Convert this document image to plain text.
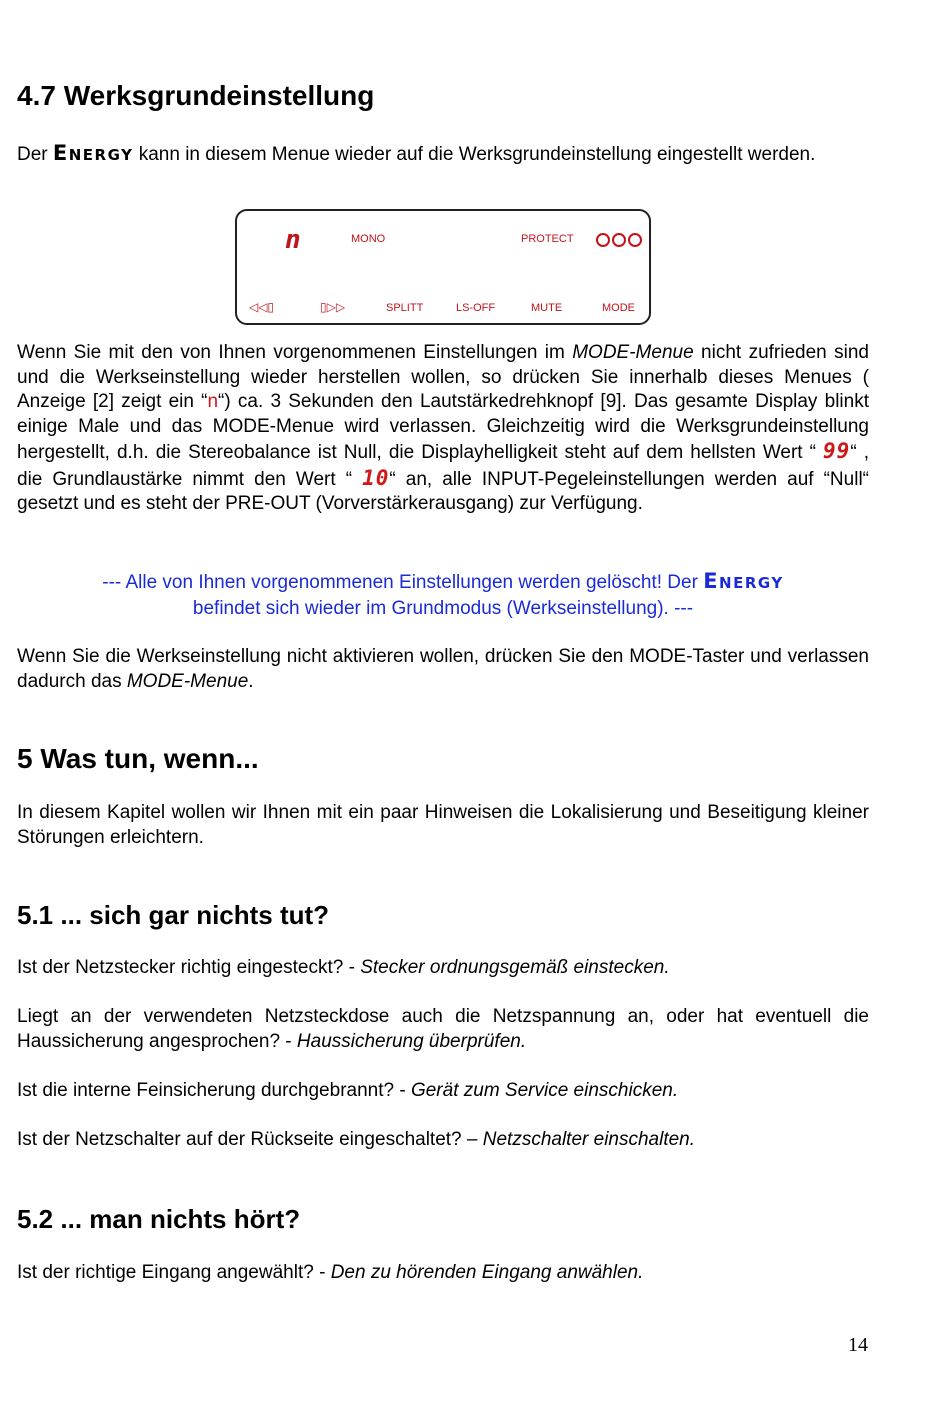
4.7 Werksgrundeinstellung

Der Energy kann in diesem Menue wieder auf die Werksgrundeinstellung eingestellt werden.

n	MONO	PROTECT
◁◁▯	▯▷▷	SPLITT	LS-OFF	MUTE	MODE

Wenn Sie mit den von Ihnen vorgenommenen Einstellungen im MODE-Menue nicht zufrieden sind und die Werkseinstellung wieder herstellen wollen, so drücken Sie innerhalb dieses Menues ( Anzeige [2] zeigt ein “n“) ca. 3 Sekunden den Lautstärkedrehknopf [9]. Das gesamte Display blinkt einige Male und das MODE-Menue wird verlassen. Gleichzeitig wird die Werksgrundeinstellung hergestellt, d.h. die Stereobalance ist Null, die Displayhelligkeit steht auf dem hellsten Wert “ 99“ , die Grundlaustärke nimmt den Wert “ 10“ an, alle INPUT-Pegeleinstellungen werden auf “Null“ gesetzt und es steht der PRE-OUT (Vorverstärkerausgang) zur Verfügung.

--- Alle von Ihnen vorgenommenen Einstellungen werden gelöscht! Der Energy
befindet sich wieder im Grundmodus (Werkseinstellung). ---

Wenn Sie die Werkseinstellung nicht aktivieren wollen, drücken Sie den MODE-Taster und verlassen dadurch das MODE-Menue.

5 Was tun, wenn...

In diesem Kapitel wollen wir Ihnen mit ein paar Hinweisen die Lokalisierung und Beseitigung kleiner Störungen erleichtern.

5.1 ... sich gar nichts tut?

Ist der Netzstecker richtig eingesteckt? - Stecker ordnungsgemäß einstecken.

Liegt an der verwendeten Netzsteckdose auch die Netzspannung an, oder hat eventuell die Haussicherung angesprochen? - Haussicherung überprüfen.

Ist die interne Feinsicherung durchgebrannt? - Gerät zum Service einschicken.

Ist der Netzschalter auf der Rückseite eingeschaltet? – Netzschalter einschalten.

5.2 ... man nichts hört?

Ist der richtige Eingang angewählt? - Den zu hörenden Eingang anwählen.

14
